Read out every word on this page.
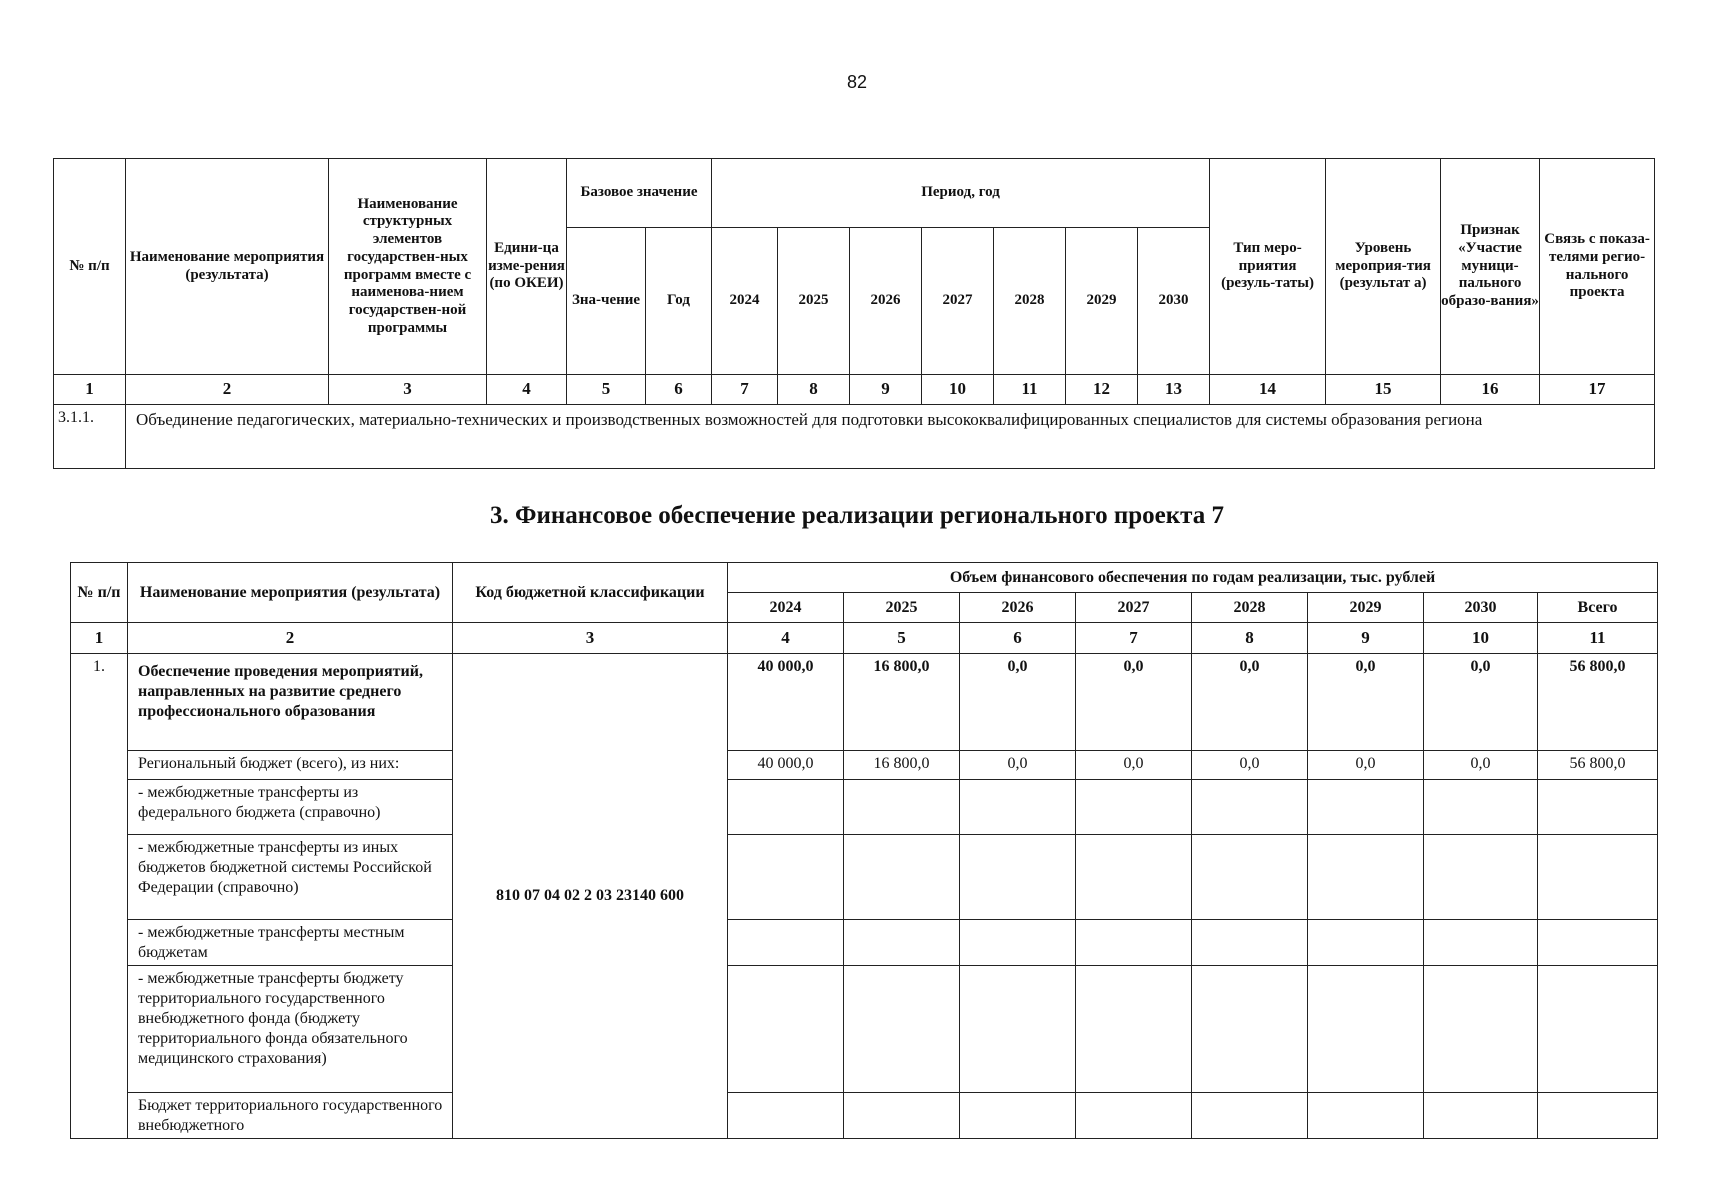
82
№ п/п	Наименование мероприятия (результата)	Наименование структурных элементов государствен-ных программ вместе с наименова-нием государствен-ной программы	Едини-ца изме-рения (по ОКЕИ)	Базовое значение		Период, год							Тип меро-приятия (резуль-таты)	Уровень мероприя-тия (результат а)	Признак «Участие муници-пального образо-вания»	Связь с показа-телями регио-нального проекта
				Зна-чение	Год	2024	2025	2026	2027	2028	2029	2030				
1	2	3	4	5	6	7	8	9	10	11	12	13	14	15	16	17
3.1.1.	Объединение педагогических, материально-технических и производственных возможностей для подготовки высококвалифицированных специалистов для системы образования региона															
3. Финансовое обеспечение реализации регионального проекта 7
№ п/п	Наименование мероприятия (результата)	Код бюджетной классификации	Объем финансового обеспечения по годам реализации, тыс. рублей							
			2024	2025	2026	2027	2028	2029	2030	Всего
1	2	3	4	5	6	7	8	9	10	11
1.	Обеспечение проведения мероприятий, направленных на развитие среднего профессионального образования	810 07 04 02 2 03 23140 600	40 000,0	16 800,0	0,0	0,0	0,0	0,0	0,0	56 800,0
	Региональный бюджет (всего), из них:		40 000,0	16 800,0	0,0	0,0	0,0	0,0	0,0	56 800,0
	- межбюджетные трансферты из федерального бюджета (справочно)									
	- межбюджетные трансферты из иных бюджетов бюджетной системы Российской Федерации (справочно)									
	- межбюджетные трансферты местным бюджетам									
	- межбюджетные трансферты бюджету территориального государственного внебюджетного фонда (бюджету территориального фонда обязательного медицинского страхования)									
	Бюджет территориального государственного внебюджетного									
